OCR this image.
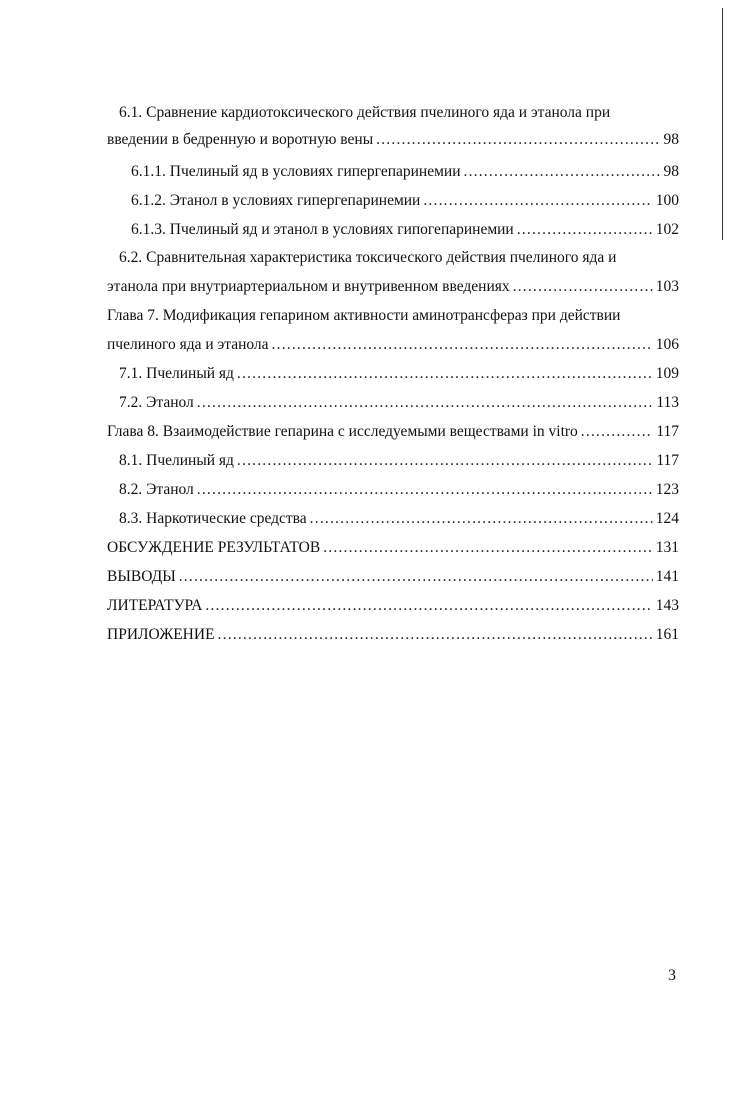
6.1. Сравнение кардиотоксического действия пчелиного яда и этанола при
введении в бедренную и воротную вены .....	98
6.1.1. Пчелиный яд в условиях гипергепаринемии .....	98
6.1.2. Этанол в условиях гипергепаринемии .....	100
6.1.3. Пчелиный яд и этанол в условиях гипогепаринемии .....	102
6.2. Сравнительная характеристика токсического действия пчелиного яда и
этанола при внутриартериальном и внутривенном введениях .....	103
Глава 7. Модификация гепарином активности аминотрансфераз при действии
пчелиного яда и этанола .....	106
7.1. Пчелиный яд .....	109
7.2. Этанол .....	113
Глава 8. Взаимодействие гепарина с исследуемыми веществами in vitro .....	117
8.1. Пчелиный яд .....	117
8.2. Этанол .....	123
8.3. Наркотические средства .....	124
ОБСУЖДЕНИЕ РЕЗУЛЬТАТОВ .....	131
ВЫВОДЫ .....	141
ЛИТЕРАТУРА .....	143
ПРИЛОЖЕНИЕ .....	161
3
